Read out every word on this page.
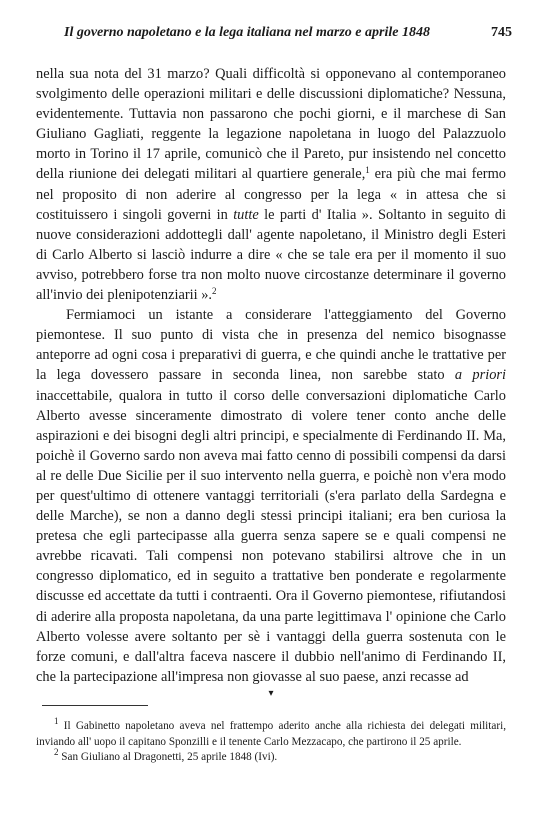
Il governo napoletano e la lega italiana nel marzo e aprile 1848	745

nella sua nota del 31 marzo? Quali difficoltà si opponevano al contemporaneo svolgimento delle operazioni militari e delle discussioni diplomatiche? Nessuna, evidentemente. Tuttavia non passarono che pochi giorni, e il marchese di San Giuliano Gagliati, reggente la legazione napoletana in luogo del Palazzuolo morto in Torino il 17 aprile, comunicò che il Pareto, pur insistendo nel concetto della riunione dei delegati militari al quartiere generale,$^1$ era più che mai fermo nel proposito di non aderire al congresso per la lega « in attesa che si costituissero i singoli governi in tutte le parti d' Italia ». Soltanto in seguito di nuove considerazioni addottegli dall' agente napoletano, il Ministro degli Esteri di Carlo Alberto si lasciò indurre a dire « che se tale era per il momento il suo avviso, potrebbero forse tra non molto nuove circostanze determinare il governo all'invio dei plenipotenziarii ».$^2$

Fermiamoci un istante a considerare l'atteggiamento del Governo piemontese. Il suo punto di vista che in presenza del nemico bisognasse anteporre ad ogni cosa i preparativi di guerra, e che quindi anche le trattative per la lega dovessero passare in seconda linea, non sarebbe stato a priori inaccettabile, qualora in tutto il corso delle conversazioni diplomatiche Carlo Alberto avesse sinceramente dimostrato di volere tener conto anche delle aspirazioni e dei bisogni degli altri principi, e specialmente di Ferdinando II. Ma, poichè il Governo sardo non aveva mai fatto cenno di possibili compensi da darsi al re delle Due Sicilie per il suo intervento nella guerra, e poichè non v'era modo per quest'ultimo di ottenere vantaggi territoriali (s'era parlato della Sardegna e delle Marche), se non a danno degli stessi principi italiani; era ben curiosa la pretesa che egli partecipasse alla guerra senza sapere se e quali compensi ne avrebbe ricavati. Tali compensi non potevano stabilirsi altrove che in un congresso diplomatico, ed in seguito a trattative ben ponderate e regolarmente discusse ed accettate da tutti i contraenti. Ora il Governo piemontese, rifiutandosi di aderire alla proposta napoletana, da una parte legittimava l' opinione che Carlo Alberto volesse avere soltanto per sè i vantaggi della guerra sostenuta con le forze comuni, e dall'altra faceva nascere il dubbio nell'animo di Ferdinando II, che la partecipazione all'impresa non giovasse al suo paese, anzi recasse ad

▾

$^1$ Il Gabinetto napoletano aveva nel frattempo aderito anche alla richiesta dei delegati militari, inviando all' uopo il capitano Sponzilli e il tenente Carlo Mezzacapo, che partirono il 25 aprile.

$^2$ San Giuliano al Dragonetti, 25 aprile 1848 (Ivi).
